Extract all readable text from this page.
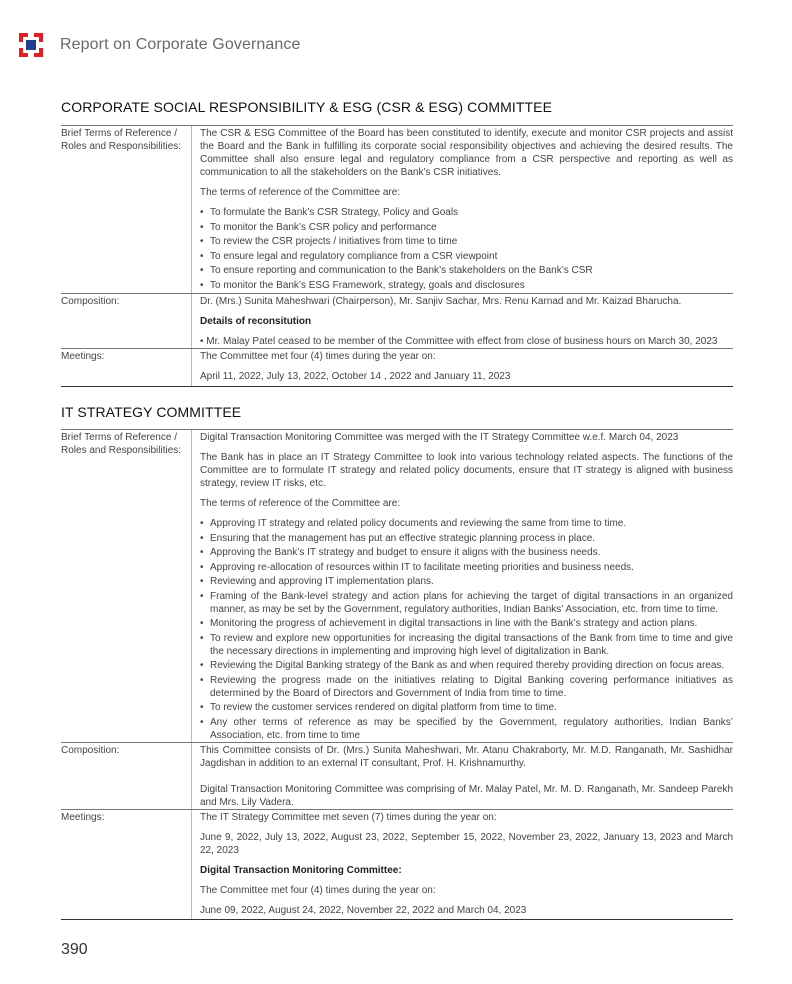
Report on Corporate Governance
CORPORATE SOCIAL RESPONSIBILITY & ESG (CSR & ESG) COMMITTEE
Brief Terms of Reference / Roles and Responsibilities:

The CSR & ESG Committee of the Board has been constituted to identify, execute and monitor CSR projects and assist the Board and the Bank in fulfilling its corporate social responsibility objectives and achieving the desired results. The Committee shall also ensure legal and regulatory compliance from a CSR perspective and reporting as well as communication to all the stakeholders on the Bank’s CSR initiatives.

The terms of reference of the Committee are:

• To formulate the Bank’s CSR Strategy, Policy and Goals
• To monitor the Bank’s CSR policy and performance
• To review the CSR projects / initiatives from time to time
• To ensure legal and regulatory compliance from a CSR viewpoint
• To ensure reporting and communication to the Bank’s stakeholders on the Bank’s CSR
• To monitor the Bank’s ESG Framework, strategy, goals and disclosures
Composition:	Dr. (Mrs.) Sunita Maheshwari (Chairperson), Mr. Sanjiv Sachar, Mrs. Renu Karnad and Mr. Kaizad Bharucha.

Details of reconsitution

• Mr. Malay Patel ceased to be member of the Committee with effect from close of business hours on March 30, 2023

Meetings:	The Committee met four (4) times during the year on:

April 11, 2022, July 13, 2022, October 14 , 2022 and January 11, 2023

IT STRATEGY COMMITTEE
Brief Terms of Reference / Roles and Responsibilities:

Digital Transaction Monitoring Committee was merged with the IT Strategy Committee w.e.f. March 04, 2023

The Bank has in place an IT Strategy Committee to look into various technology related aspects. The functions of the Committee are to formulate IT strategy and related policy documents, ensure that IT strategy is aligned with business strategy, review IT risks, etc.

The terms of reference of the Committee are:

• Approving IT strategy and related policy documents and reviewing the same from time to time.
• Ensuring that the management has put an effective strategic planning process in place.
• Approving the Bank’s IT strategy and budget to ensure it aligns with the business needs.
• Approving re-allocation of resources within IT to facilitate meeting priorities and business needs.
• Reviewing and approving IT implementation plans.
• Framing of the Bank-level strategy and action plans for achieving the target of digital transactions in an organized manner, as may be set by the Government, regulatory authorities, Indian Banks’ Association, etc. from time to time.
• Monitoring the progress of achievement in digital transactions in line with the Bank’s strategy and action plans.
• To review and explore new opportunities for increasing the digital transactions of the Bank from time to time and give the necessary directions in implementing and improving high level of digitalization in Bank.
• Reviewing the Digital Banking strategy of the Bank as and when required thereby providing direction on focus areas.
• Reviewing the progress made on the initiatives relating to Digital Banking covering performance initiatives as determined by the Board of Directors and Government of India from time to time.
• To review the customer services rendered on digital platform from time to time.
• Any other terms of reference as may be specified by the Government, regulatory authorities, Indian Banks’ Association, etc. from time to time
Composition:	This Committee consists of Dr. (Mrs.) Sunita Maheshwari, Mr. Atanu Chakraborty, Mr. M.D. Ranganath, Mr. Sashidhar Jagdishan in addition to an external IT consultant, Prof. H. Krishnamurthy.

Digital Transaction Monitoring Committee was comprising of Mr. Malay Patel, Mr. M. D. Ranganath, Mr. Sandeep Parekh and Mrs. Lily Vadera.

Meetings:	The IT Strategy Committee met seven (7) times during the year on:

June 9, 2022, July 13, 2022, August 23, 2022, September 15, 2022, November 23, 2022, January 13, 2023 and March 22, 2023

Digital Transaction Monitoring Committee:

The Committee met four (4) times during the year on:

June 09, 2022, August 24, 2022, November 22, 2022 and March 04, 2023

390
